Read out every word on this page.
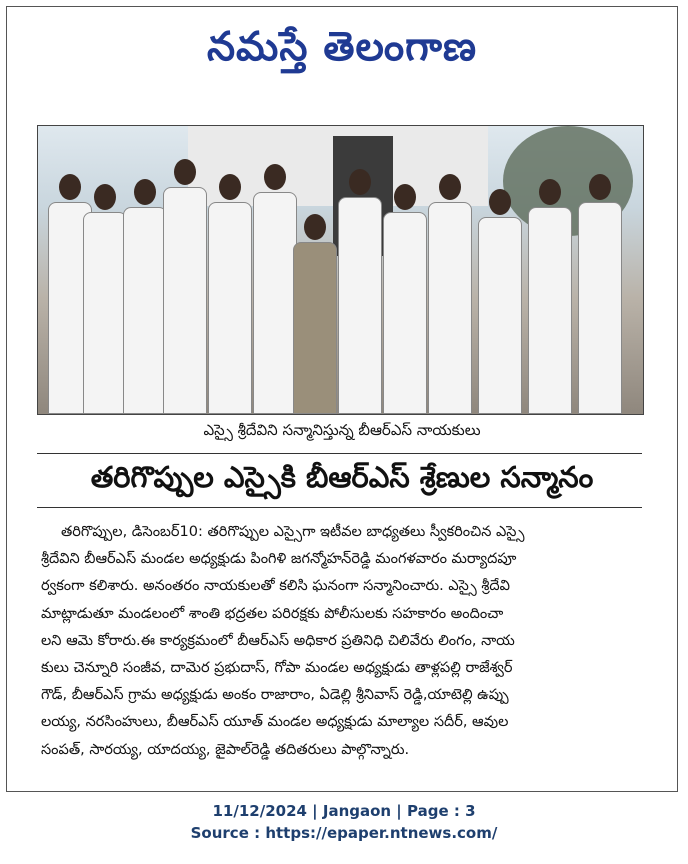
నమస్తే తెలంగాణ
ఎస్సై శ్రీదేవిని సన్మానిస్తున్న బీఆర్ఎస్ నాయకులు
తరిగొప్పుల ఎస్సైకి బీఆర్ఎస్ శ్రేణుల సన్మానం
తరిగొప్పుల, డిసెంబర్10: తరిగొప్పుల ఎస్సైగా ఇటీవల బాధ్యతలు స్వీకరించిన ఎస్సై
శ్రీదేవిని బీఆర్ఎస్ మండల అధ్యక్షుడు పింగిళి జగన్మోహన్‌రెడ్డి మంగళవారం మర్యాదపూ
ర్వకంగా కలిశారు. అనంతరం నాయకులతో కలిసి ఘనంగా సన్మానించారు. ఎస్సై శ్రీదేవి
మాట్లాడుతూ మండలంలో శాంతి భద్రతల పరిరక్షకు పోలీసులకు సహకారం అందించా
లని ఆమె కోరారు.ఈ కార్యక్రమంలో బీఆర్ఎస్ అధికార ప్రతినిధి చిలివేరు లింగం, నాయ
కులు చెన్నూరి సంజీవ, దామెర ప్రభుదాస్, గోపా మండల అధ్యక్షుడు తాళ్లపల్లి రాజేశ్వర్
గౌడ్, బీఆర్ఎస్ గ్రామ అధ్యక్షుడు అంకం రాజారాం, ఏడెల్లి శ్రీనివాస్ రెడ్డి,యాటెల్లి ఉప్పు
లయ్య, నరసింహులు, బీఆర్ఎస్ యూత్ మండల అధ్యక్షుడు మాల్యాల సదీర్, ఆవుల
సంపత్, సారయ్య, యాదయ్య, జైపాల్‌రెడ్డి తదితరులు పాల్గొన్నారు.
11/12/2024 | Jangaon | Page : 3
Source : https://epaper.ntnews.com/
